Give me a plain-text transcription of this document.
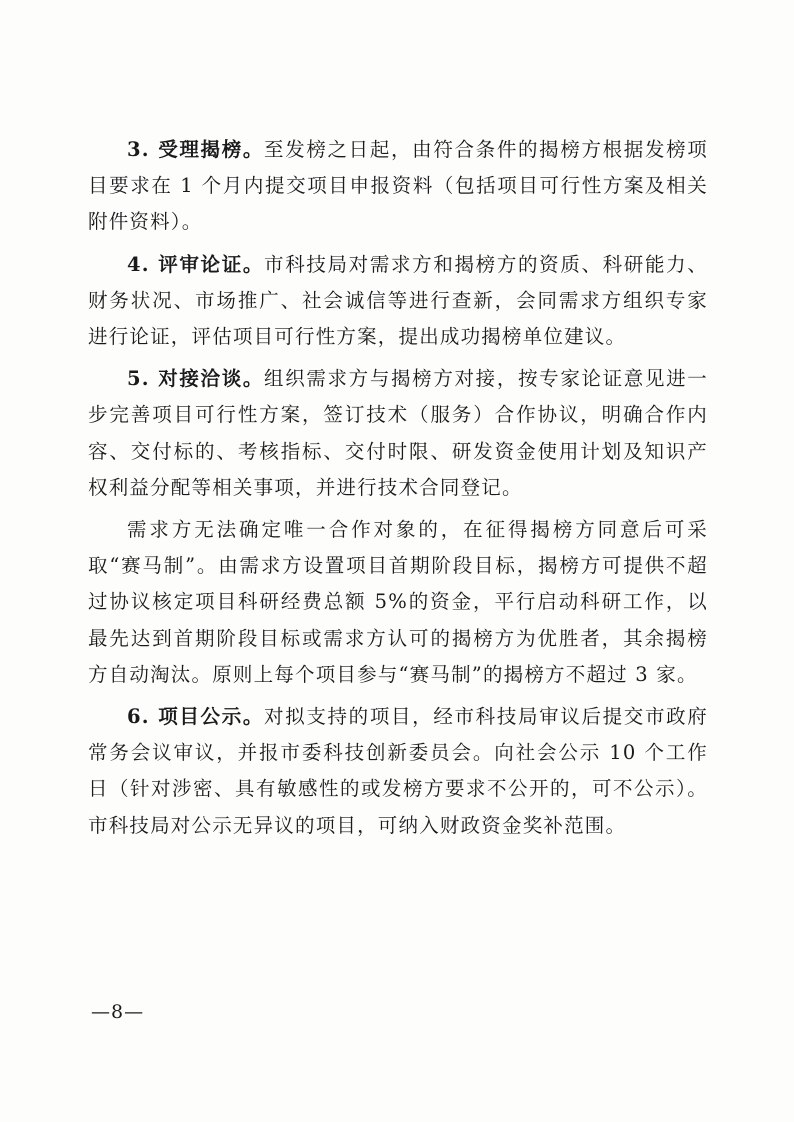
3. 受理揭榜。至发榜之日起，由符合条件的揭榜方根据发榜项目要求在 1 个月内提交项目申报资料（包括项目可行性方案及相关附件资料）。

4. 评审论证。市科技局对需求方和揭榜方的资质、科研能力、财务状况、市场推广、社会诚信等进行查新，会同需求方组织专家进行论证，评估项目可行性方案，提出成功揭榜单位建议。

5. 对接洽谈。组织需求方与揭榜方对接，按专家论证意见进一步完善项目可行性方案，签订技术（服务）合作协议，明确合作内容、交付标的、考核指标、交付时限、研发资金使用计划及知识产权利益分配等相关事项，并进行技术合同登记。

需求方无法确定唯一合作对象的，在征得揭榜方同意后可采取“赛马制”。由需求方设置项目首期阶段目标，揭榜方可提供不超过协议核定项目科研经费总额 5%的资金，平行启动科研工作，以最先达到首期阶段目标或需求方认可的揭榜方为优胜者，其余揭榜方自动淘汰。原则上每个项目参与“赛马制”的揭榜方不超过 3 家。

6. 项目公示。对拟支持的项目，经市科技局审议后提交市政府常务会议审议，并报市委科技创新委员会。向社会公示 10 个工作日（针对涉密、具有敏感性的或发榜方要求不公开的，可不公示）。市科技局对公示无异议的项目，可纳入财政资金奖补范围。

—8—
